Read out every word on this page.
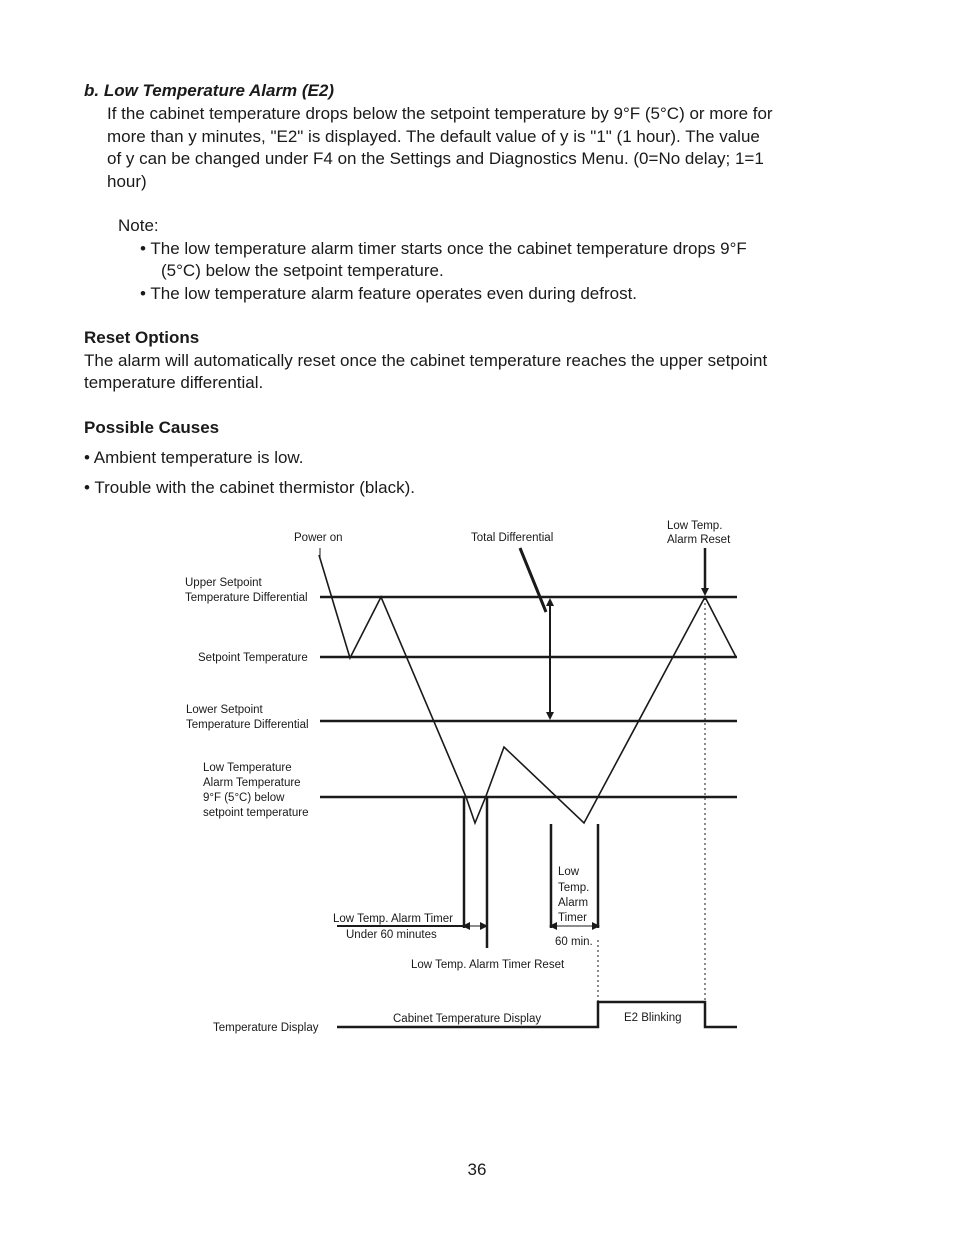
b. Low Temperature Alarm (E2)
If the cabinet temperature drops below the setpoint temperature by 9°F (5°C) or more for
more than y minutes, "E2" is displayed. The default value of y is "1" (1 hour). The value
of y can be changed under F4 on the Settings and Diagnostics Menu. (0=No delay; 1=1
hour)
Note:
• The low temperature alarm timer starts once the cabinet temperature drops 9°F
(5°C) below the setpoint temperature.
• The low temperature alarm feature operates even during defrost.
Reset Options
The alarm will automatically reset once the cabinet temperature reaches the upper setpoint
temperature differential.
Possible Causes
• Ambient temperature is low.
• Trouble with the cabinet thermistor (black).
Power on	Total Differential
Low Temp.
Alarm Reset
Upper Setpoint
Temperature Differential
Setpoint Temperature
Lower Setpoint
Temperature Differential
Low Temperature
Alarm Temperature
9°F (5°C) below
setpoint temperature
Low Temp. Alarm Timer
Under 60 minutes
Low
Temp.
Alarm
Timer
60 min.
Low Temp. Alarm Timer Reset
Temperature Display
Cabinet Temperature Display	E2 Blinking
36
